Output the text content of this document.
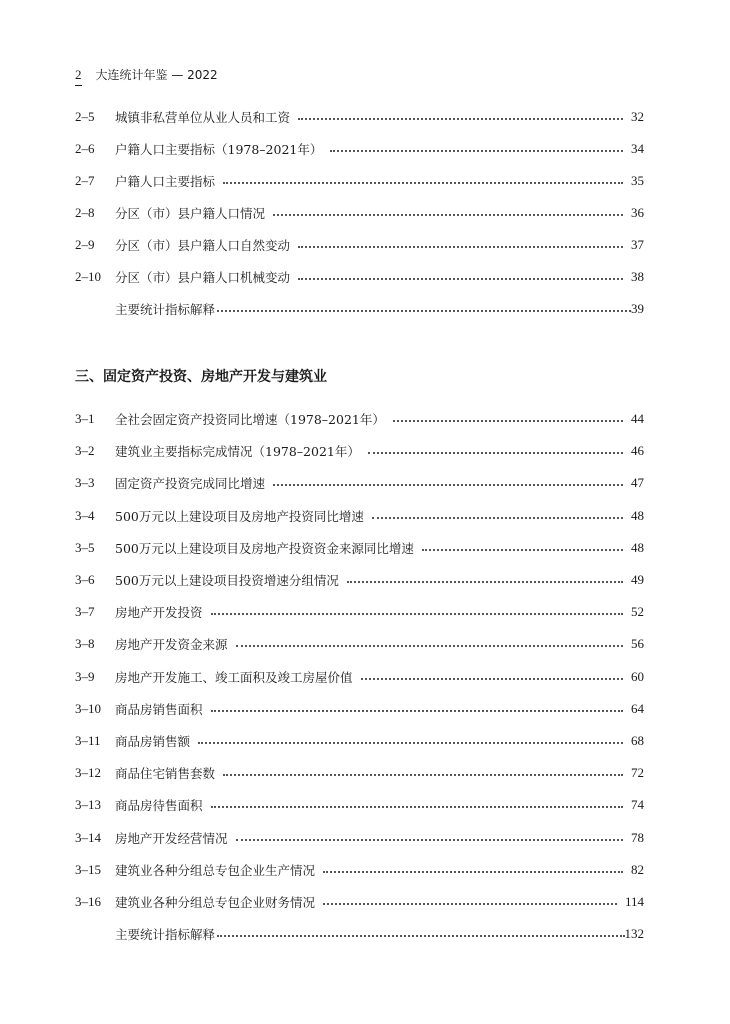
2 大连统计年鉴 — 2022
2–5	城镇非私营单位从业人员和工资	32
2–6	户籍人口主要指标（1978–2021年）	34
2–7	户籍人口主要指标	35
2–8	分区（市）县户籍人口情况	36
2–9	分区（市）县户籍人口自然变动	37
2–10	分区（市）县户籍人口机械变动	38
主要统计指标解释	39
三、固定资产投资、房地产开发与建筑业
3–1	全社会固定资产投资同比增速（1978–2021年）	44
3–2	建筑业主要指标完成情况（1978–2021年）	46
3–3	固定资产投资完成同比增速	47
3–4	500万元以上建设项目及房地产投资同比增速	48
3–5	500万元以上建设项目及房地产投资资金来源同比增速	48
3–6	500万元以上建设项目投资增速分组情况	49
3–7	房地产开发投资	52
3–8	房地产开发资金来源	56
3–9	房地产开发施工、竣工面积及竣工房屋价值	60
3–10	商品房销售面积	64
3–11	商品房销售额	68
3–12	商品住宅销售套数	72
3–13	商品房待售面积	74
3–14	房地产开发经营情况	78
3–15	建筑业各种分组总专包企业生产情况	82
3–16	建筑业各种分组总专包企业财务情况	114
主要统计指标解释	132
